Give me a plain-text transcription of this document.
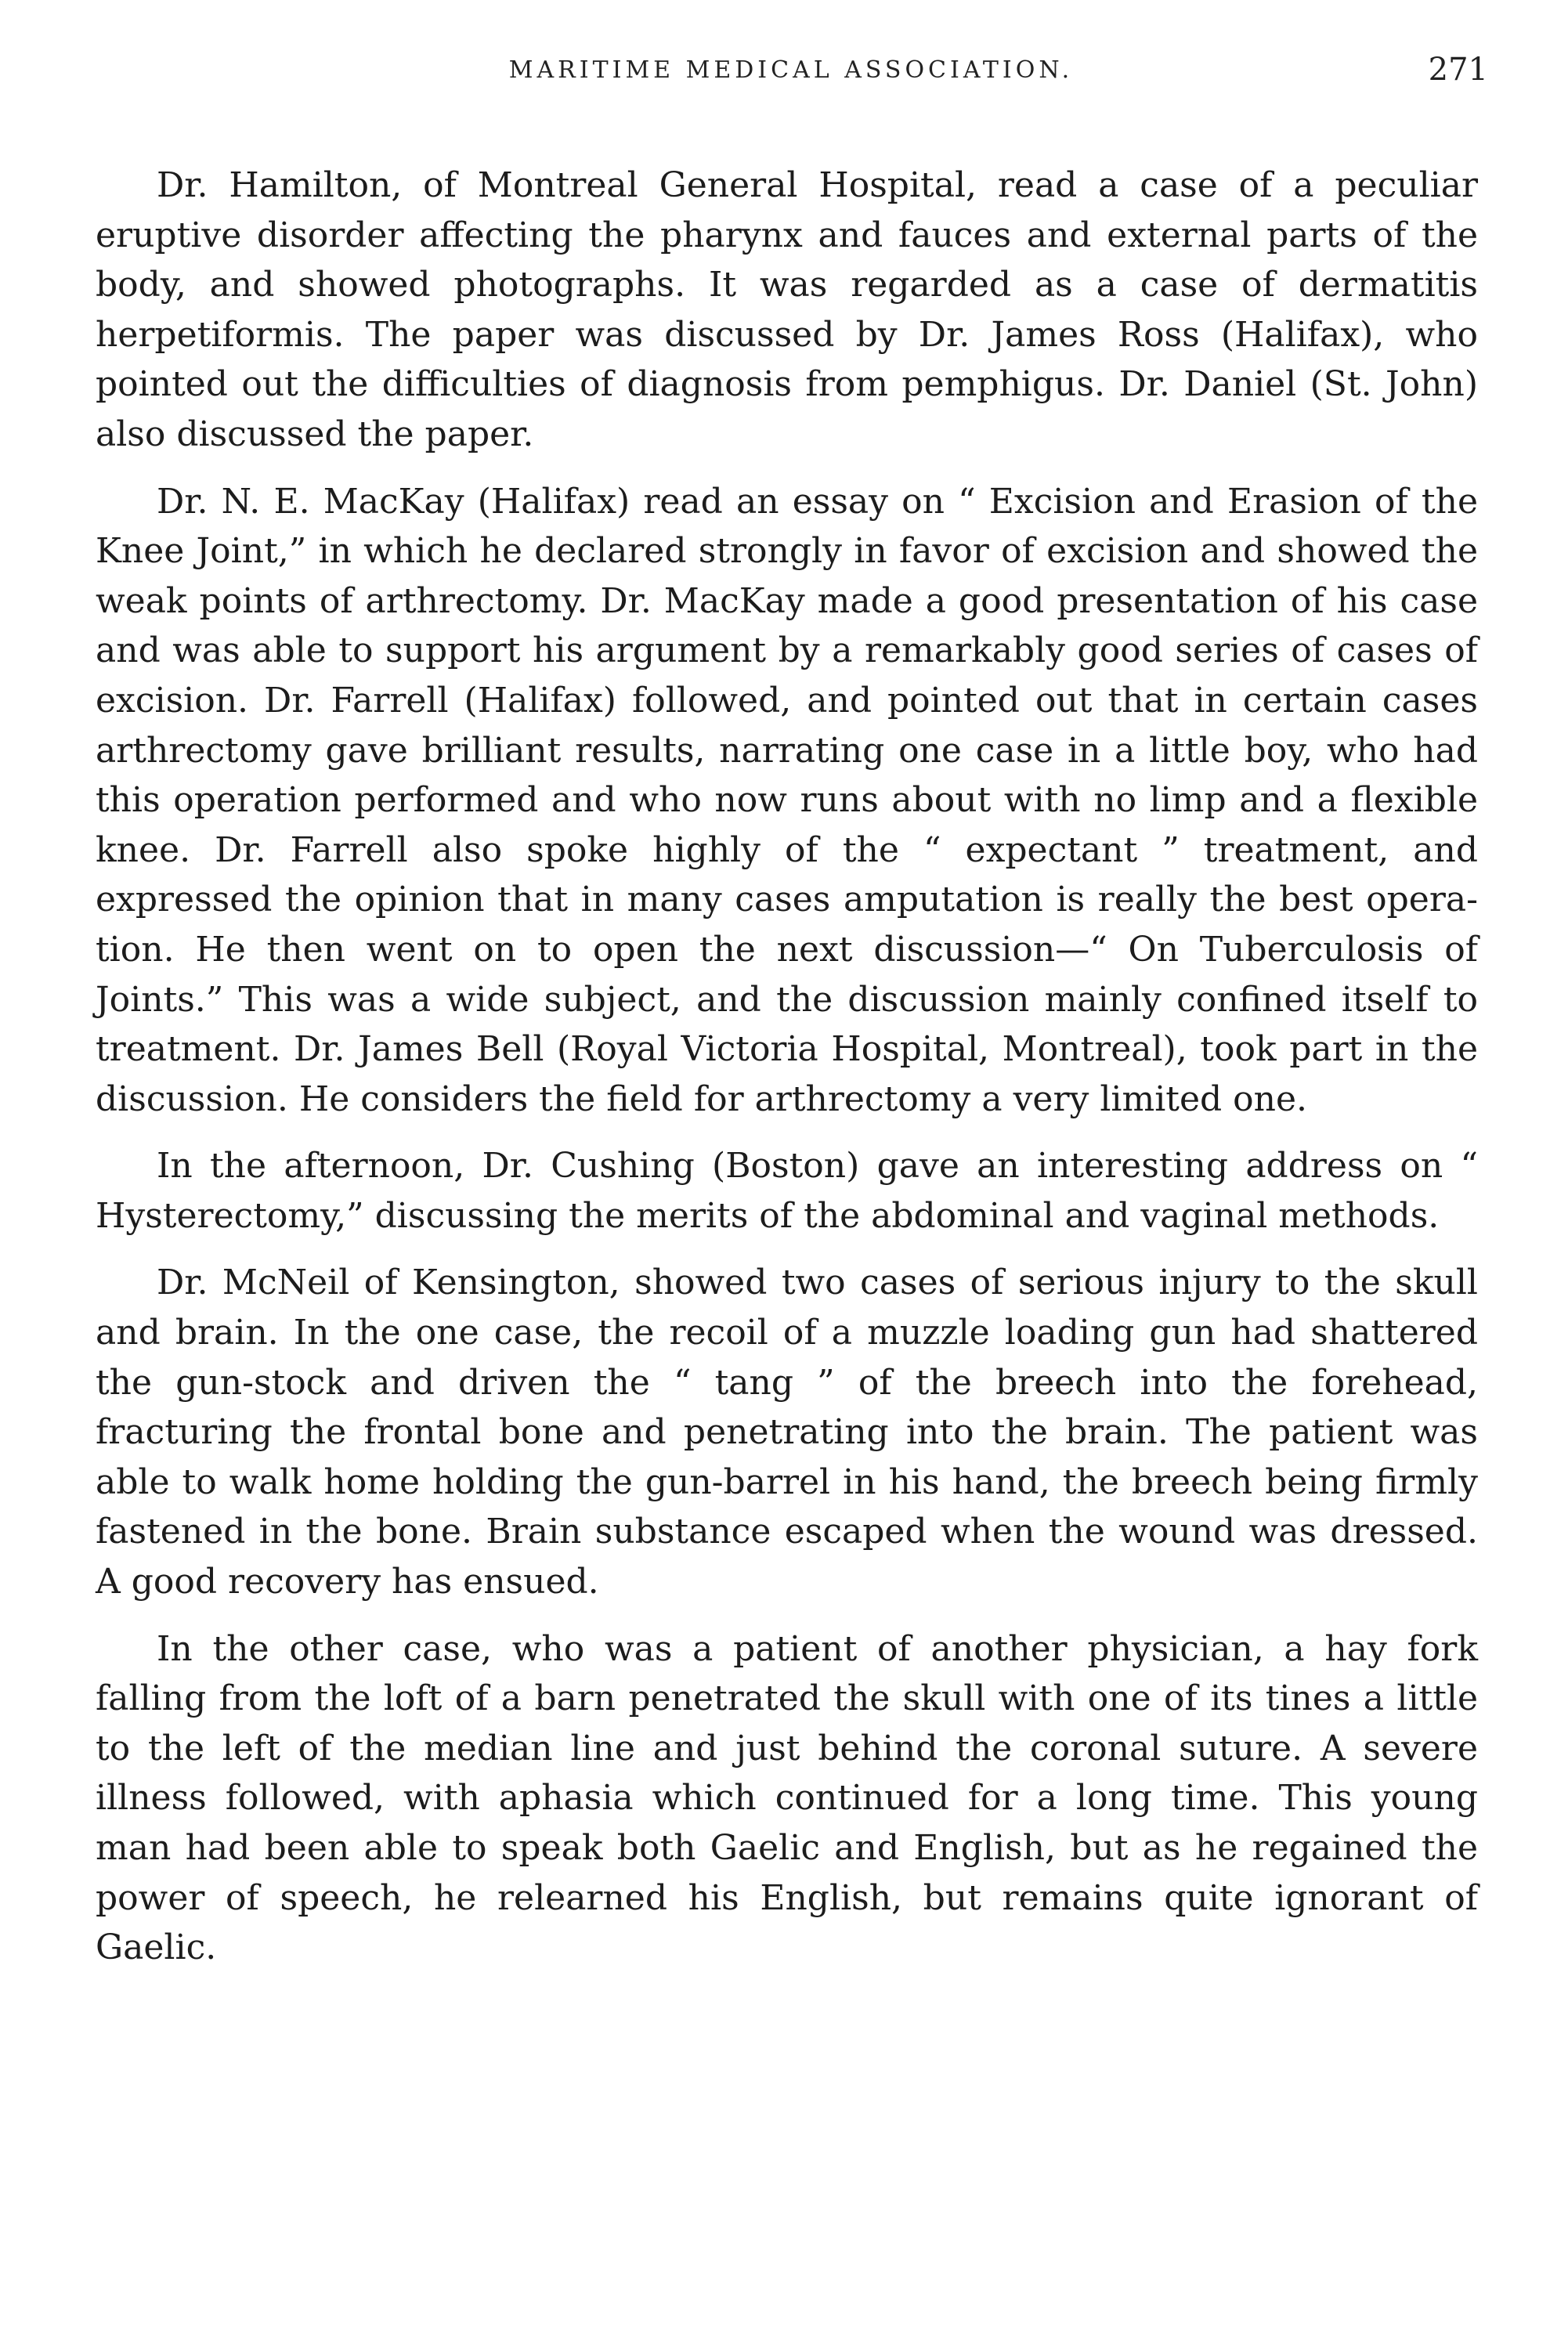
MARITIME MEDICAL ASSOCIATION.	271

Dr. Hamilton, of Montreal General Hospital, read a case of a peculiar eruptive disorder affecting the pharynx and fauces and external parts of the body, and showed photographs. It was regarded as a case of dermatitis herpetiformis. The paper was discussed by Dr. James Ross (Halifax), who pointed out the difficulties of diagnosis from pemphigus. Dr. Daniel (St. John) also discussed the paper.

Dr. N. E. MacKay (Halifax) read an essay on “ Excision and Erasion of the Knee Joint,” in which he declared strongly in favor of excision and showed the weak points of arthrectomy. Dr. MacKay made a good presentation of his case and was able to support his argument by a remarkably good series of cases of excision. Dr. Farrell (Halifax) followed, and pointed out that in certain cases arthrectomy gave brilliant results, narrating one case in a little boy, who had this operation performed and who now runs about with no limp and a flexible knee. Dr. Farrell also spoke highly of the “ expectant ” treatment, and expressed the opinion that in many cases amputation is really the best operation. He then went on to open the next discussion—“ On Tuberculosis of Joints.” This was a wide subject, and the discussion mainly confined itself to treatment. Dr. James Bell (Royal Victoria Hospital, Montreal), took part in the discussion. He considers the field for arthrectomy a very limited one.

In the afternoon, Dr. Cushing (Boston) gave an interesting address on “ Hysterectomy,” discussing the merits of the abdominal and vaginal methods.

Dr. McNeil of Kensington, showed two cases of serious injury to the skull and brain. In the one case, the recoil of a muzzle loading gun had shattered the gun-stock and driven the “ tang ” of the breech into the forehead, fracturing the frontal bone and penetrating into the brain. The patient was able to walk home holding the gun-barrel in his hand, the breech being firmly fastened in the bone. Brain substance escaped when the wound was dressed. A good recovery has ensued.

In the other case, who was a patient of another physician, a hay fork falling from the loft of a barn penetrated the skull with one of its tines a little to the left of the median line and just behind the coronal suture. A severe illness followed, with aphasia which continued for a long time. This young man had been able to speak both Gaelic and English, but as he regained the power of speech, he relearned his English, but remains quite ignorant of Gaelic.
